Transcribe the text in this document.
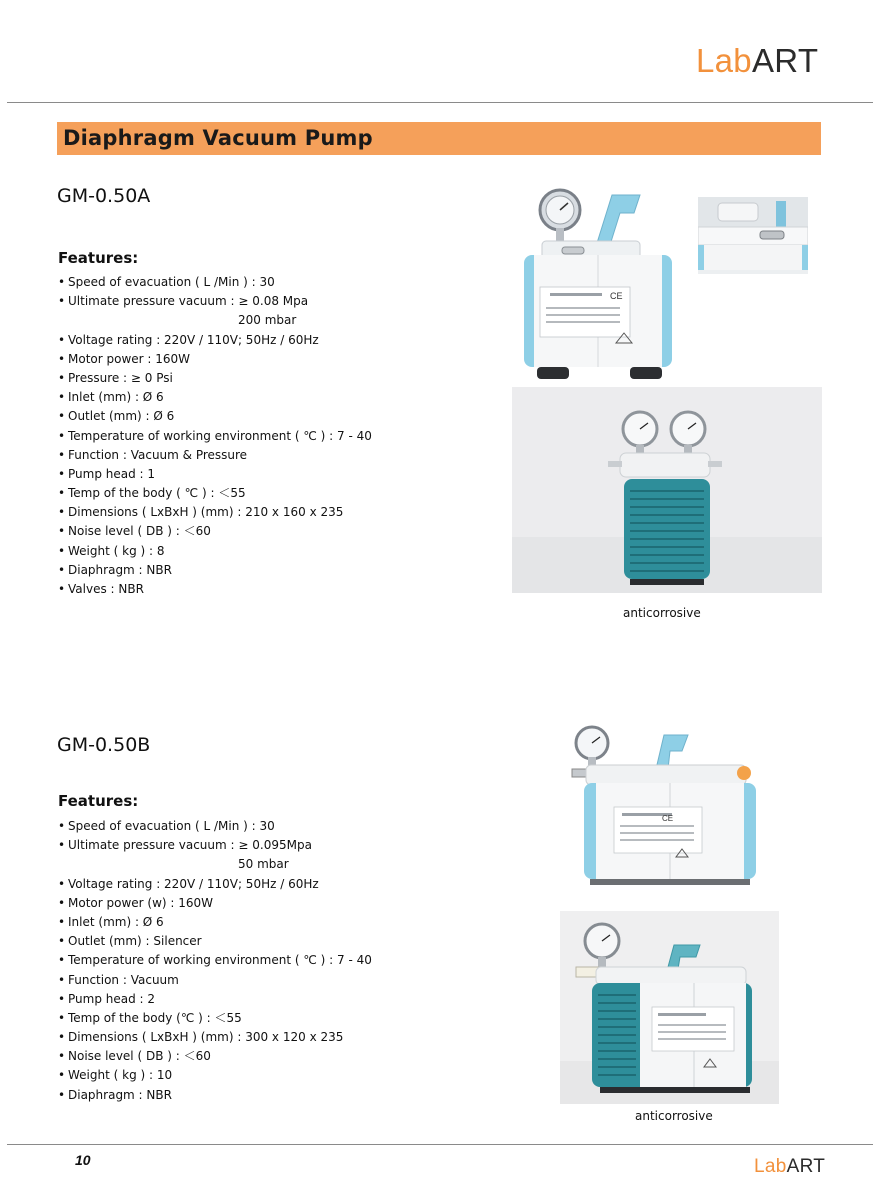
LabART
Diaphragm Vacuum Pump
GM-0.50A
Features:
• Speed of evacuation ( L /Min ) : 30
• Ultimate pressure vacuum : ≥ 0.08 Mpa
200 mbar
• Voltage rating : 220V / 110V; 50Hz / 60Hz
• Motor power : 160W
• Pressure : ≥ 0 Psi
• Inlet (mm) : Ø 6
• Outlet (mm) : Ø 6
• Temperature of working environment ( ℃ ) : 7 - 40
• Function : Vacuum & Pressure
• Pump head : 1
• Temp of the body ( ℃ ) : ＜55
• Dimensions ( LxBxH ) (mm) : 210 x 160 x 235
• Noise level ( DB ) : ＜60
• Weight ( kg ) : 8
• Diaphragm : NBR
• Valves : NBR
CE
anticorrosive
GM-0.50B
Features:
• Speed of evacuation ( L /Min ) : 30
• Ultimate pressure vacuum : ≥ 0.095Mpa
50 mbar
• Voltage rating : 220V / 110V; 50Hz / 60Hz
• Motor power (w) : 160W
• Inlet (mm) : Ø 6
• Outlet (mm) : Silencer
• Temperature of working environment ( ℃ ) : 7 - 40
• Function : Vacuum
• Pump head : 2
• Temp of the body (℃ ) : ＜55
• Dimensions ( LxBxH ) (mm) : 300 x 120 x 235
• Noise level ( DB ) : ＜60
• Weight ( kg ) : 10
• Diaphragm : NBR
CE
anticorrosive
10	LabART
